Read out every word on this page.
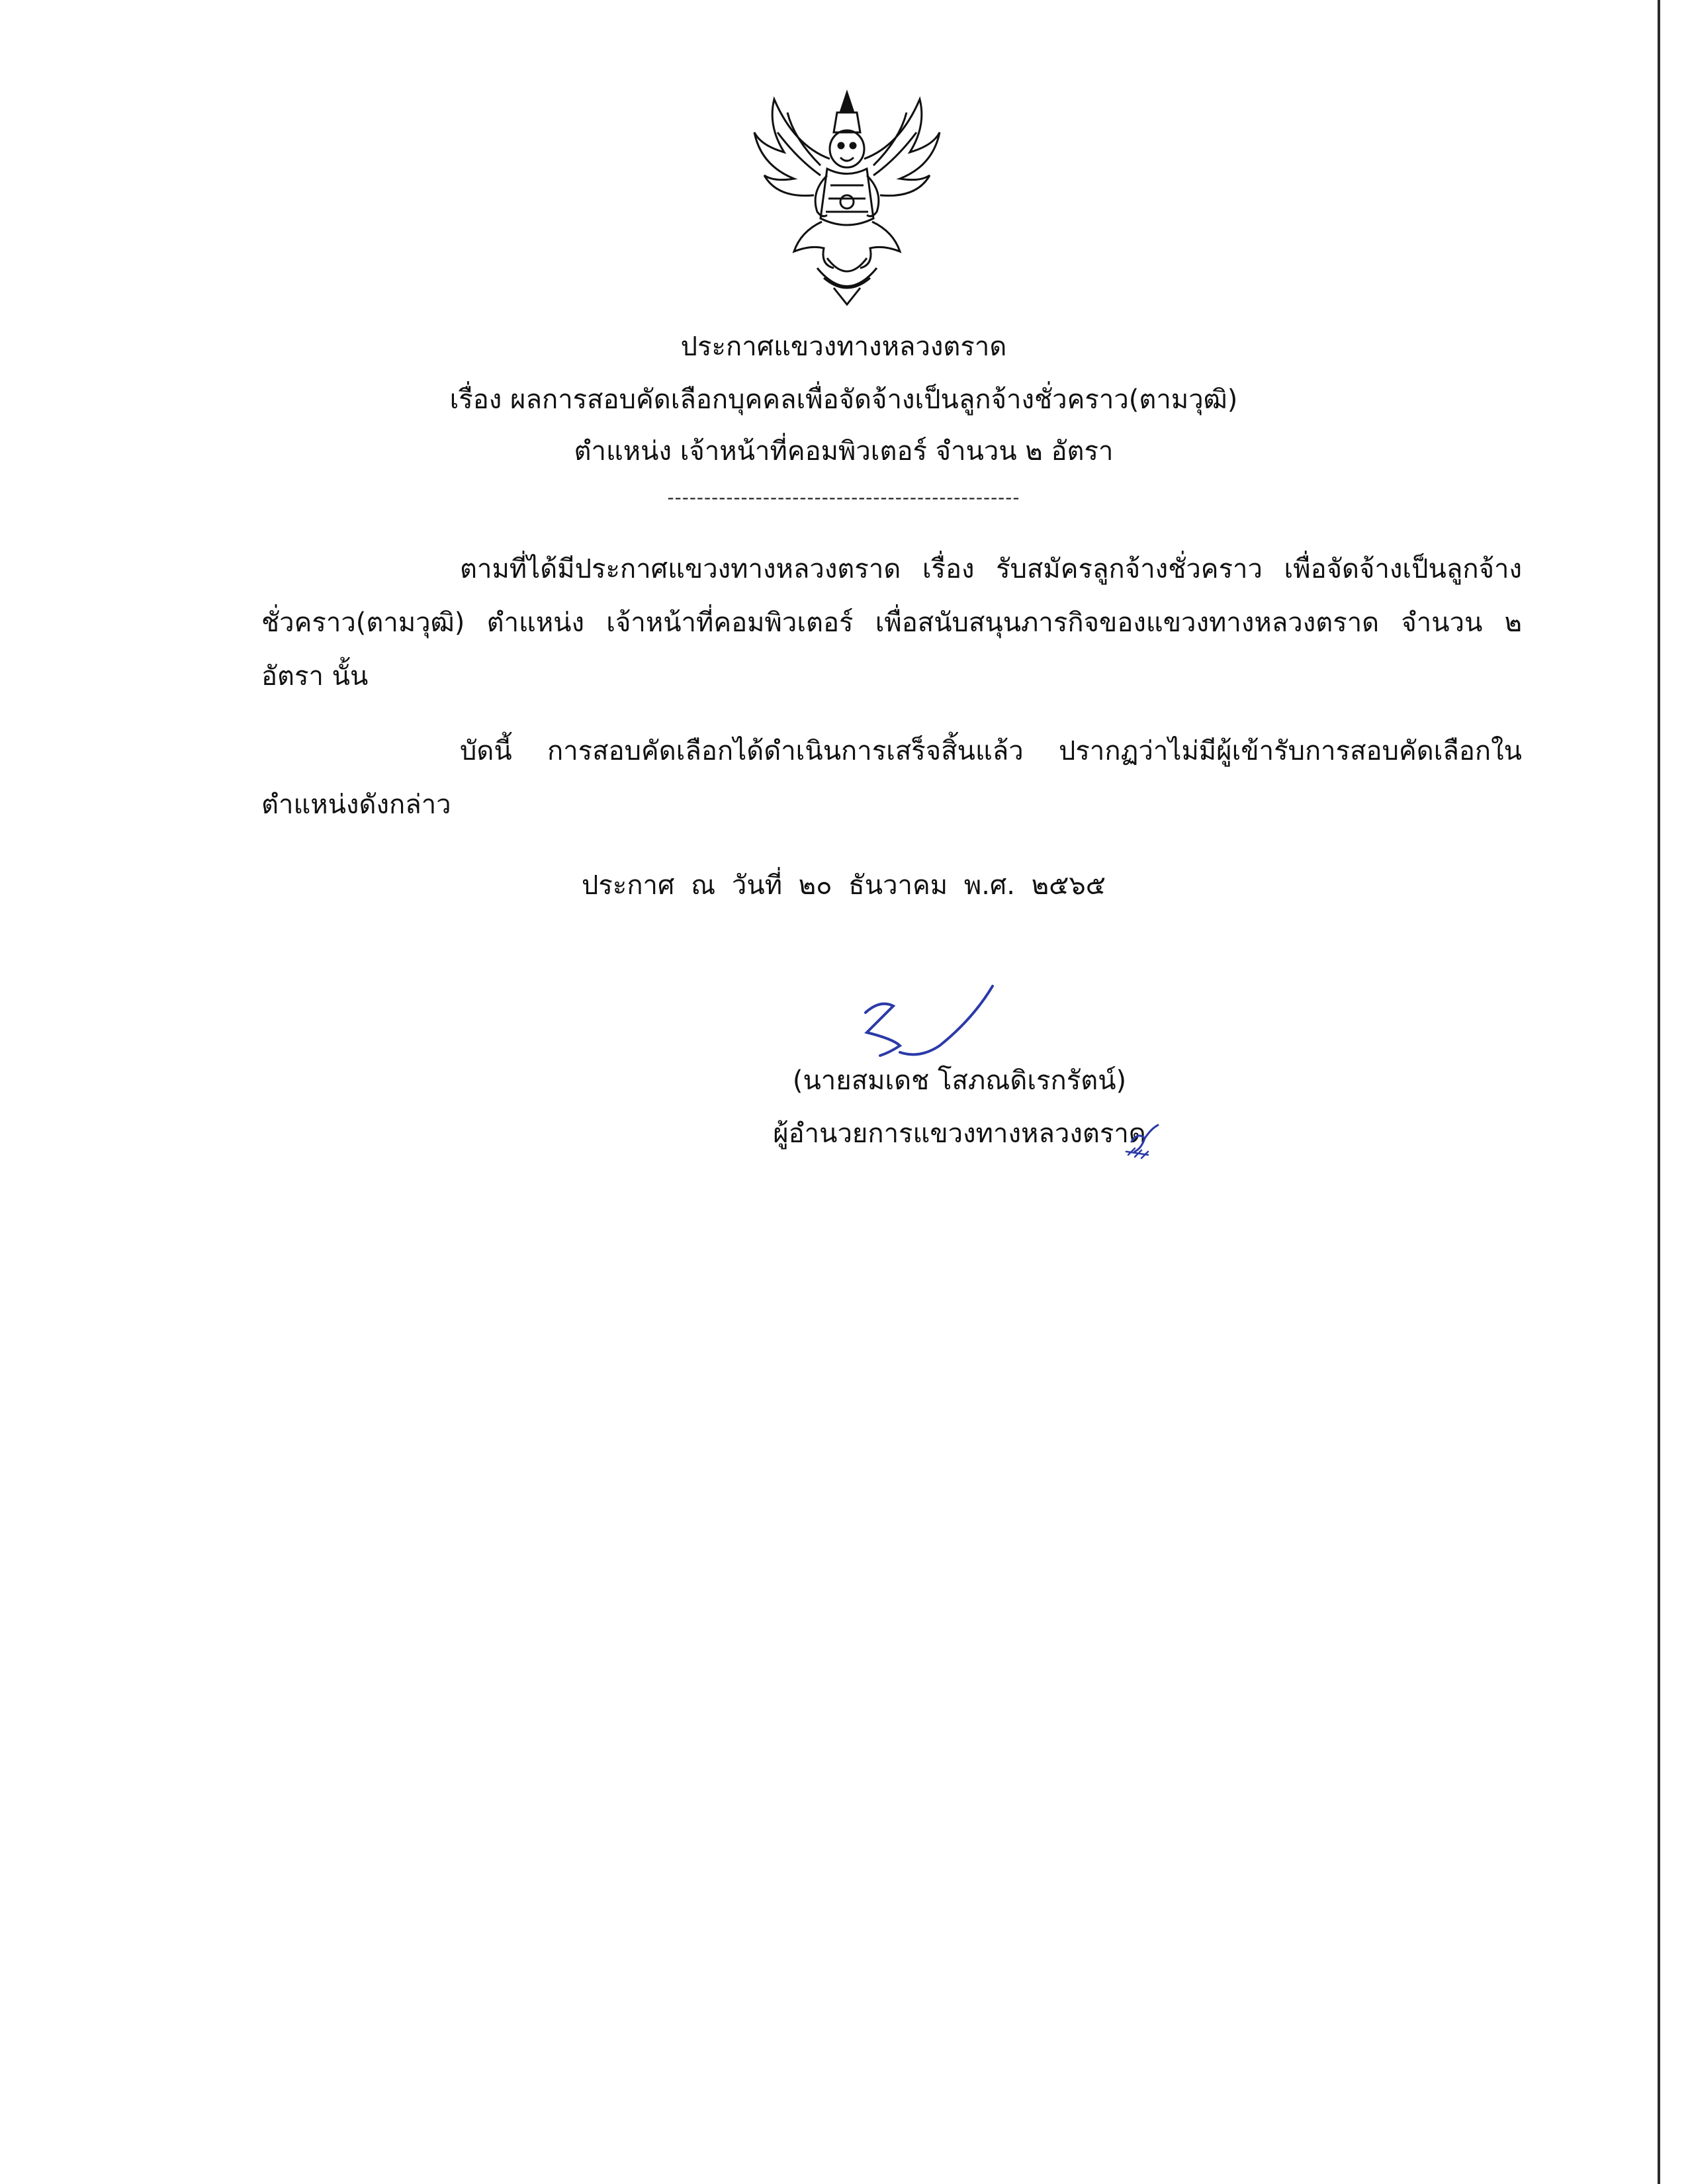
ประกาศแขวงทางหลวงตราด
เรื่อง ผลการสอบคัดเลือกบุคคลเพื่อจัดจ้างเป็นลูกจ้างชั่วคราว(ตามวุฒิ)
ตำแหน่ง เจ้าหน้าที่คอมพิวเตอร์ จำนวน ๒ อัตรา
------------------------------------------------

ตามที่ได้มีประกาศแขวงทางหลวงตราด เรื่อง รับสมัครลูกจ้างชั่วคราว เพื่อจัดจ้างเป็นลูกจ้างชั่วคราว(ตามวุฒิ) ตำแหน่ง เจ้าหน้าที่คอมพิวเตอร์ เพื่อสนับสนุนภารกิจของแขวงทางหลวงตราด จำนวน ๒ อัตรา นั้น

บัดนี้ การสอบคัดเลือกได้ดำเนินการเสร็จสิ้นแล้ว ปรากฏว่าไม่มีผู้เข้ารับการสอบคัดเลือกในตำแหน่งดังกล่าว

ประกาศ ณ วันที่ ๒๐ ธันวาคม พ.ศ. ๒๕๖๕
(นายสมเดช โสภณดิเรกรัตน์)
ผู้อำนวยการแขวงทางหลวงตราด
